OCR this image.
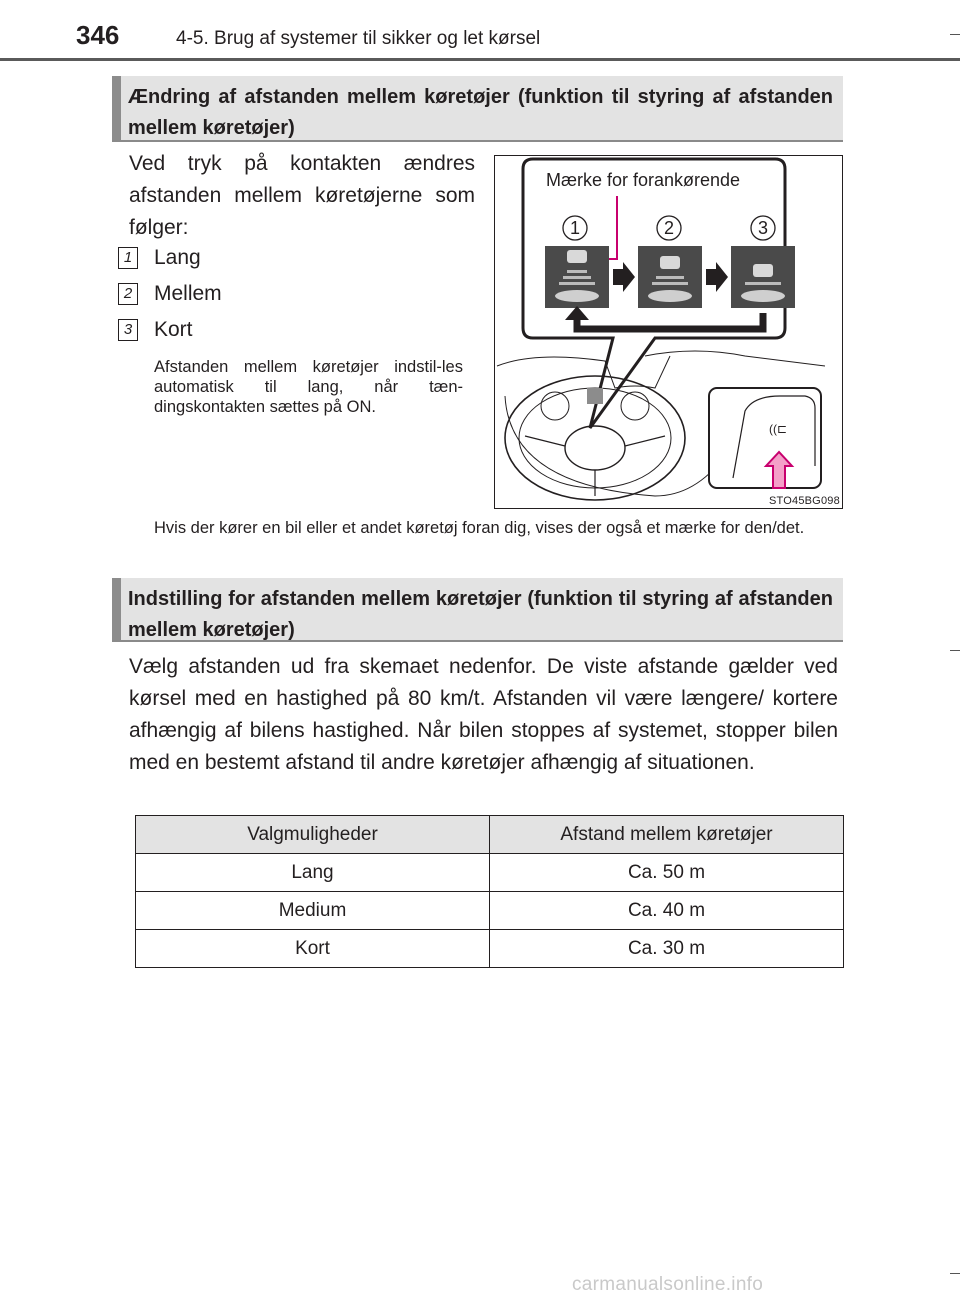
346	4-5. Brug af systemer til sikker og let kørsel
Ændring af afstanden mellem køretøjer (funktion til styring af afstanden mellem køretøjer)
Ved tryk på kontakten ændres afstanden mellem køretøjerne som følger:
1 Lang
2 Mellem
3 Kort
Afstanden mellem køretøjer indstil-les automatisk til lang, når tæn-dingskontakten sættes på ON.
1	2	3
((⊏
Mærke for forankørende
STO45BG098
Hvis der kører en bil eller et andet køretøj foran dig, vises der også et mærke for den/det.
Indstilling for afstanden mellem køretøjer (funktion til styring af afstanden mellem køretøjer)
Vælg afstanden ud fra skemaet nedenfor. De viste afstande gælder ved kørsel med en hastighed på 80 km/t. Afstanden vil være længere/ kortere afhængig af bilens hastighed. Når bilen stoppes af systemet, stopper bilen med en bestemt afstand til andre køretøjer afhængig af situationen.
Valgmuligheder	Afstand mellem køretøjer
Lang	Ca. 50 m
Medium	Ca. 40 m
Kort	Ca. 30 m
carmanualsonline.info
